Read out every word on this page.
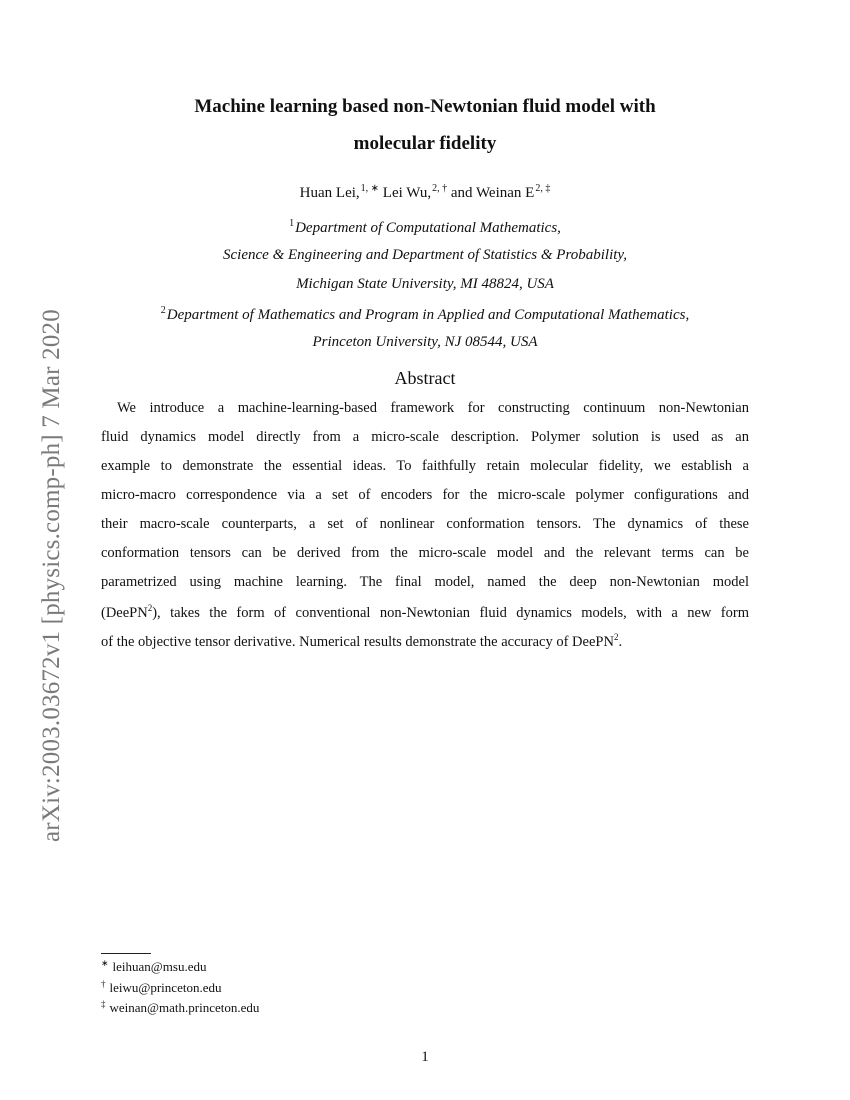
arXiv:2003.03672v1 [physics.comp-ph] 7 Mar 2020
Machine learning based non-Newtonian fluid model with
molecular fidelity
Huan Lei,$^{1, ∗}$ Lei Wu,$^{2, \dagger}$ and Weinan $E^{2, \ddagger}$
$^1$Department of Computational Mathematics,
Science & Engineering and Department of Statistics & Probability,
Michigan State University, MI 48824, USA
$^2$Department of Mathematics and Program in Applied and Computational Mathematics,
Princeton University, NJ 08544, USA
Abstract
We introduce a machine-learning-based framework for constructing continuum non-Newtonian
fluid dynamics model directly from a micro-scale description. Polymer solution is used as an
example to demonstrate the essential ideas. To faithfully retain molecular fidelity, we establish a
micro-macro correspondence via a set of encoders for the micro-scale polymer configurations and
their macro-scale counterparts, a set of nonlinear conformation tensors. The dynamics of these
conformation tensors can be derived from the micro-scale model and the relevant terms can be
parametrized using machine learning. The final model, named the deep non-Newtonian model
(DeePN$^2$), takes the form of conventional non-Newtonian fluid dynamics models, with a new form
of the objective tensor derivative. Numerical results demonstrate the accuracy of DeePN$^2$.
∗ leihuan@msu.edu
† leiwu@princeton.edu
‡ weinan@math.princeton.edu
1
